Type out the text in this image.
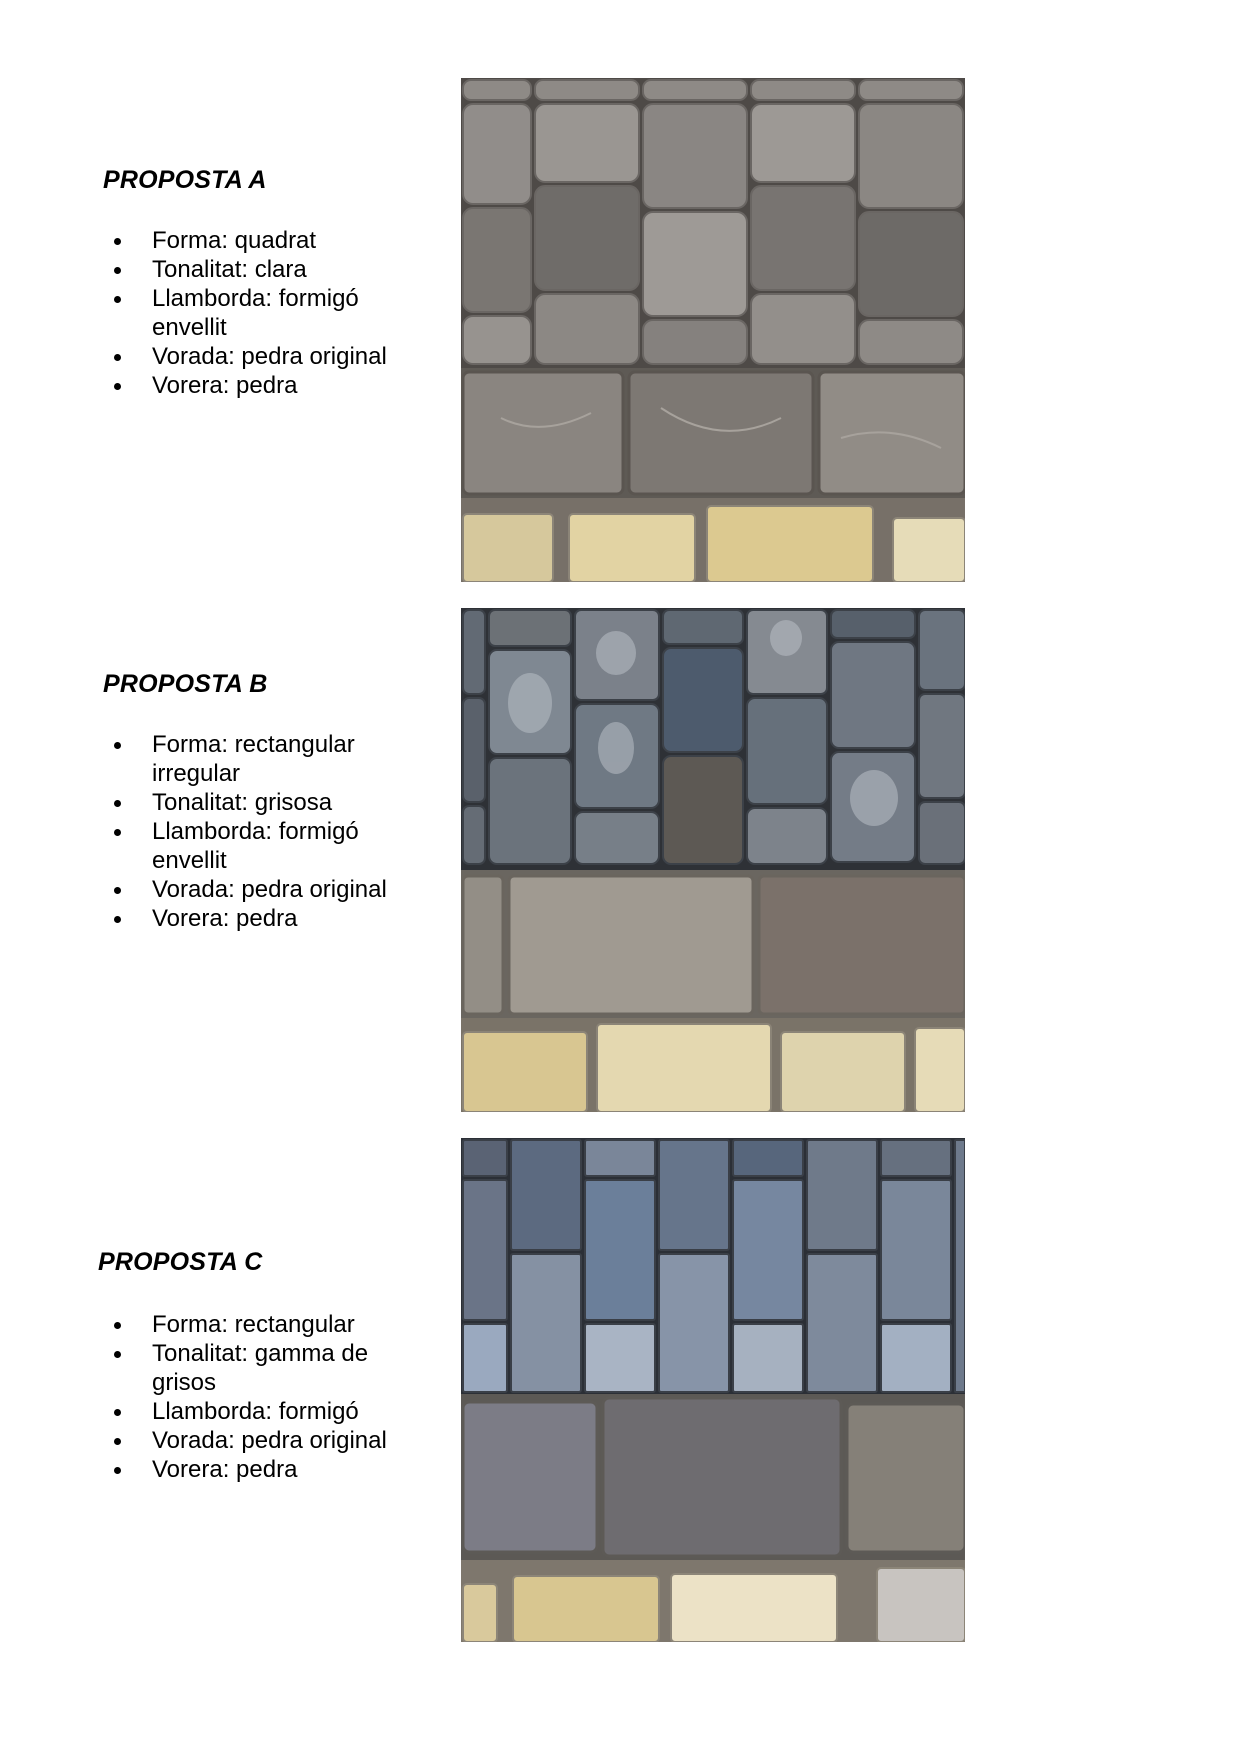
PROPOSTA A
Forma: quadrat
Tonalitat: clara
Llamborda: formigó envellit
Vorada: pedra original
Vorera: pedra
PROPOSTA B
Forma: rectangular irregular
Tonalitat: grisosa
Llamborda: formigó envellit
Vorada: pedra original
Vorera: pedra
PROPOSTA C
Forma: rectangular
Tonalitat: gamma de grisos
Llamborda: formigó
Vorada: pedra original
Vorera: pedra
